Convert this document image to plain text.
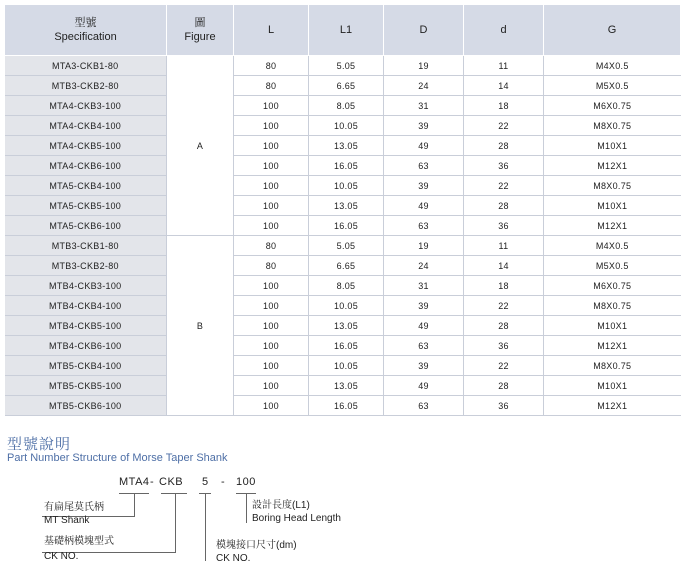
型號
Specification	圖
Figure	L	L1	D	d	G
MTA3-CKB1-80	A	80	5.05	19	11	M4X0.5
MTB3-CKB2-80		80	6.65	24	14	M5X0.5
MTA4-CKB3-100		100	8.05	31	18	M6X0.75
MTA4-CKB4-100		100	10.05	39	22	M8X0.75
MTA4-CKB5-100		100	13.05	49	28	M10X1
MTA4-CKB6-100		100	16.05	63	36	M12X1
MTA5-CKB4-100		100	10.05	39	22	M8X0.75
MTA5-CKB5-100		100	13.05	49	28	M10X1
MTA5-CKB6-100		100	16.05	63	36	M12X1
MTB3-CKB1-80	B	80	5.05	19	11	M4X0.5
MTB3-CKB2-80		80	6.65	24	14	M5X0.5
MTB4-CKB3-100		100	8.05	31	18	M6X0.75
MTB4-CKB4-100		100	10.05	39	22	M8X0.75
MTB4-CKB5-100		100	13.05	49	28	M10X1
MTB4-CKB6-100		100	16.05	63	36	M12X1
MTB5-CKB4-100		100	10.05	39	22	M8X0.75
MTB5-CKB5-100		100	13.05	49	28	M10X1
MTB5-CKB6-100		100	16.05	63	36	M12X1
型號說明
Part Number Structure of Morse Taper Shank
MTA4 - CKB 5 - 100
有扁尾莫氏柄
MT Shank
基礎柄模塊型式
CK NO.
模塊接口尺寸(dm)
CK NO.
設計長度(L1)
Boring Head Length
